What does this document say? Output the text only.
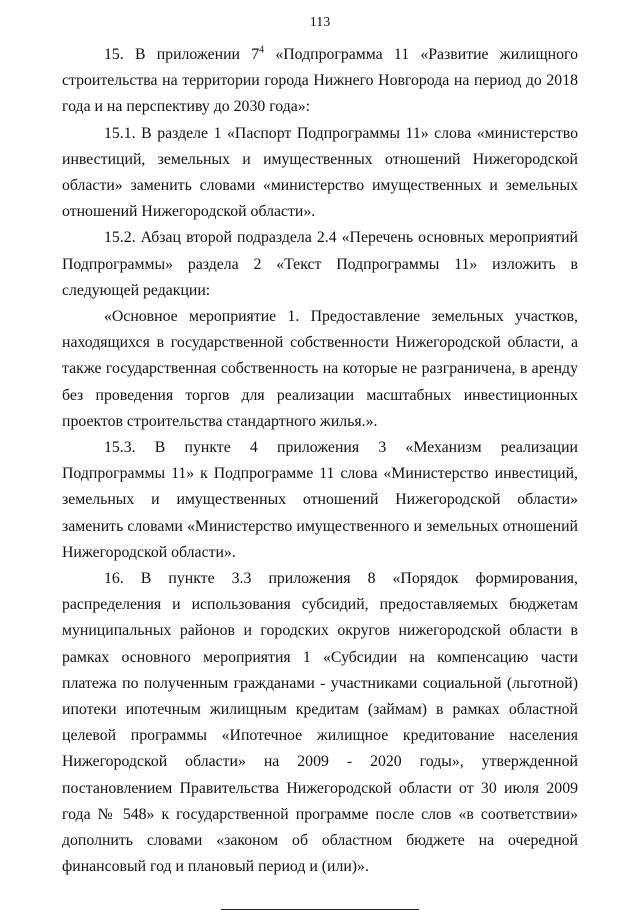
113

15. В приложении $7^4$ «Подпрограмма 11 «Развитие жилищного строительства на территории города Нижнего Новгорода на период до 2018 года и на перспективу до 2030 года»:

15.1. В разделе 1 «Паспорт Подпрограммы 11» слова «министерство инвестиций, земельных и имущественных отношений Нижегородской области» заменить словами «министерство имущественных и земельных отношений Нижегородской области».

15.2. Абзац второй подраздела 2.4 «Перечень основных мероприятий Подпрограммы» раздела 2 «Текст Подпрограммы 11» изложить в следующей редакции:

«Основное мероприятие 1. Предоставление земельных участков, находящихся в государственной собственности Нижегородской области, а также государственная собственность на которые не разграничена, в аренду без проведения торгов для реализации масштабных инвестиционных проектов строительства стандартного жилья.».

15.3. В пункте 4 приложения 3 «Механизм реализации Подпрограммы 11» к Подпрограмме 11 слова «Министерство инвестиций, земельных и имущественных отношений Нижегородской области» заменить словами «Министерство имущественного и земельных отношений Нижегородской области».

16. В пункте 3.3 приложения 8 «Порядок формирования, распределения и использования субсидий, предоставляемых бюджетам муниципальных районов и городских округов нижегородской области в рамках основного мероприятия 1 «Субсидии на компенсацию части платежа по полученным гражданами - участниками социальной (льготной) ипотеки ипотечным жилищным кредитам (займам) в рамках областной целевой программы «Ипотечное жилищное кредитование населения Нижегородской области» на 2009 - 2020 годы», утвержденной постановлением Правительства Нижегородской области от 30 июля 2009 года № 548» к государственной программе после слов «в соответствии» дополнить словами «законом об областном бюджете на очередной финансовый год и плановый период и (или)».
